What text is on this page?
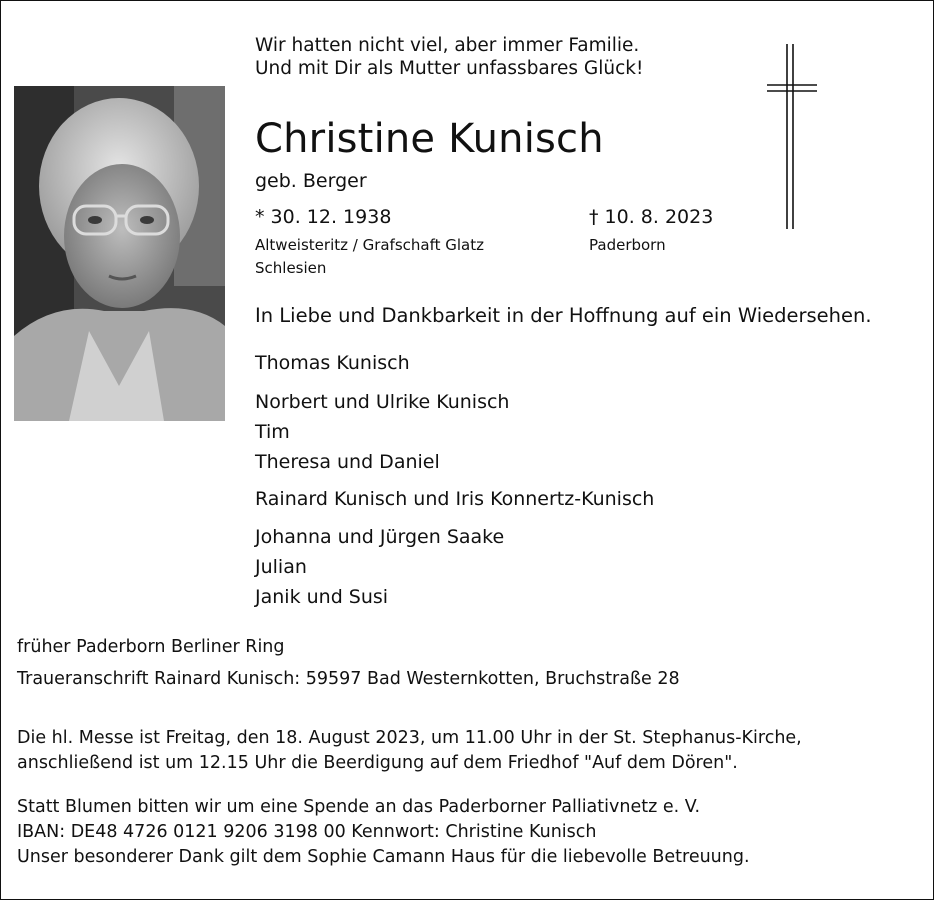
Wir hatten nicht viel, aber immer Familie.
Und mit Dir als Mutter unfassbares Glück!
Christine Kunisch
geb. Berger
* 30. 12. 1938
Altweisteritz / Grafschaft Glatz
Schlesien
† 10. 8. 2023
Paderborn
In Liebe und Dankbarkeit in der Hoffnung auf ein Wiedersehen.
Thomas Kunisch
Norbert und Ulrike Kunisch
Tim
Theresa und Daniel
Rainard Kunisch und Iris Konnertz-Kunisch
Johanna und Jürgen Saake
Julian
Janik und Susi
früher Paderborn Berliner Ring
Traueranschrift Rainard Kunisch: 59597 Bad Westernkotten, Bruchstraße 28
Die hl. Messe ist Freitag, den 18. August 2023, um 11.00 Uhr in der St. Stephanus-Kirche,
anschließend ist um 12.15 Uhr die Beerdigung auf dem Friedhof "Auf dem Dören".
Statt Blumen bitten wir um eine Spende an das Paderborner Palliativnetz e. V.
IBAN: DE48 4726 0121 9206 3198 00 Kennwort: Christine Kunisch
Unser besonderer Dank gilt dem Sophie Camann Haus für die liebevolle Betreuung.
